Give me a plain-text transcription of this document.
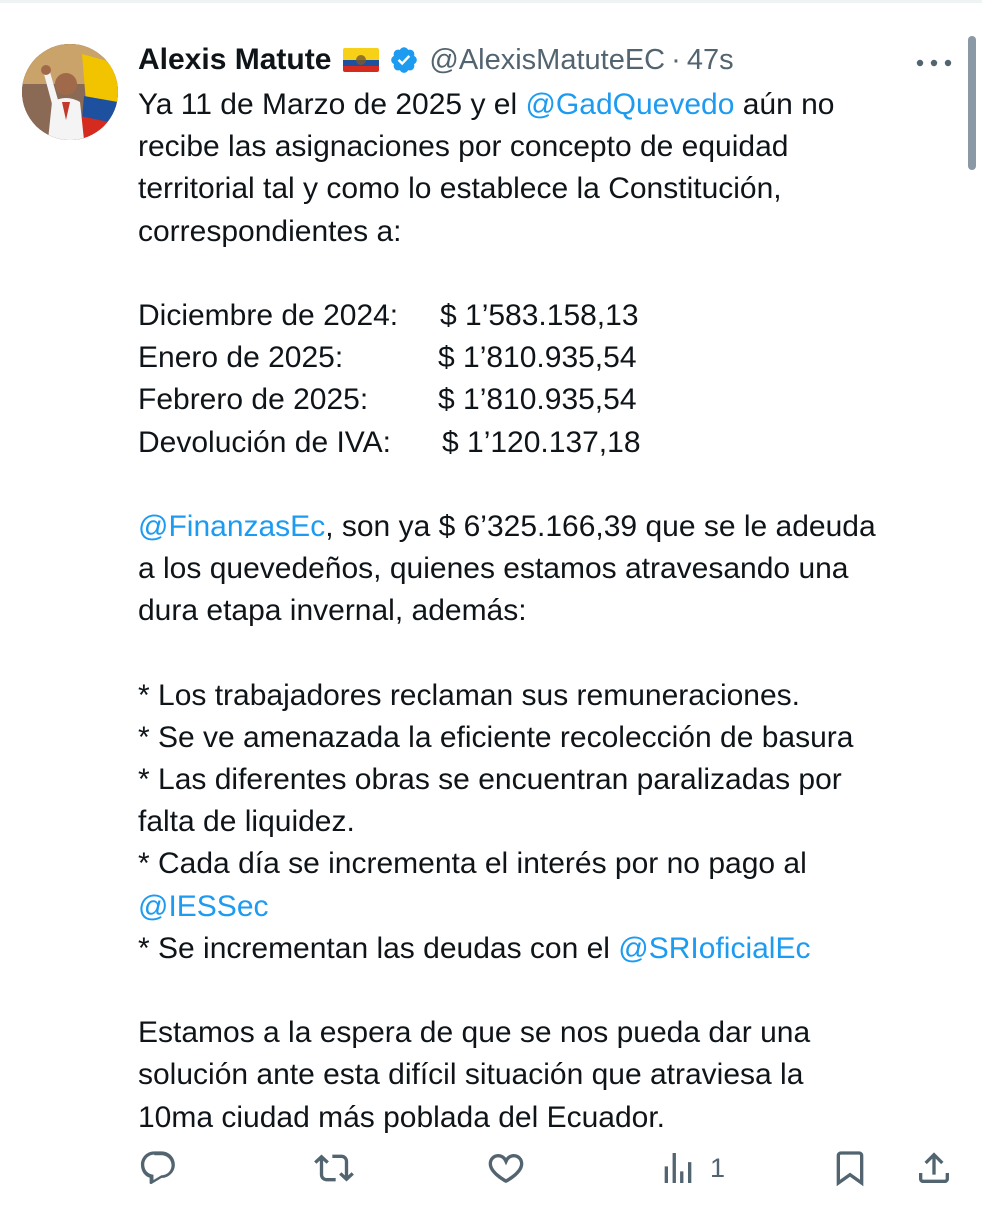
Alexis Matute	@AlexisMatuteEC · 47s
Ya 11 de Marzo de 2025 y el @GadQuevedo aún no
recibe las asignaciones por concepto de equidad
territorial tal y como lo establece la Constitución,
correspondientes a:
Diciembre de 2024:	$ 1’583.158,13
Enero de 2025:	$ 1’810.935,54
Febrero de 2025:	$ 1’810.935,54
Devolución de IVA:	$ 1’120.137,18
@FinanzasEc, son ya $ 6’325.166,39 que se le adeuda
a los quevedeños, quienes estamos atravesando una
dura etapa invernal, además:
* Los trabajadores reclaman sus remuneraciones.
* Se ve amenazada la eficiente recolección de basura
* Las diferentes obras se encuentran paralizadas por
falta de liquidez.
* Cada día se incrementa el interés por no pago al
@IESSec
* Se incrementan las deudas con el @SRIoficialEc
Estamos a la espera de que se nos pueda dar una
solución ante esta difícil situación que atraviesa la
10ma ciudad más poblada del Ecuador.
1
